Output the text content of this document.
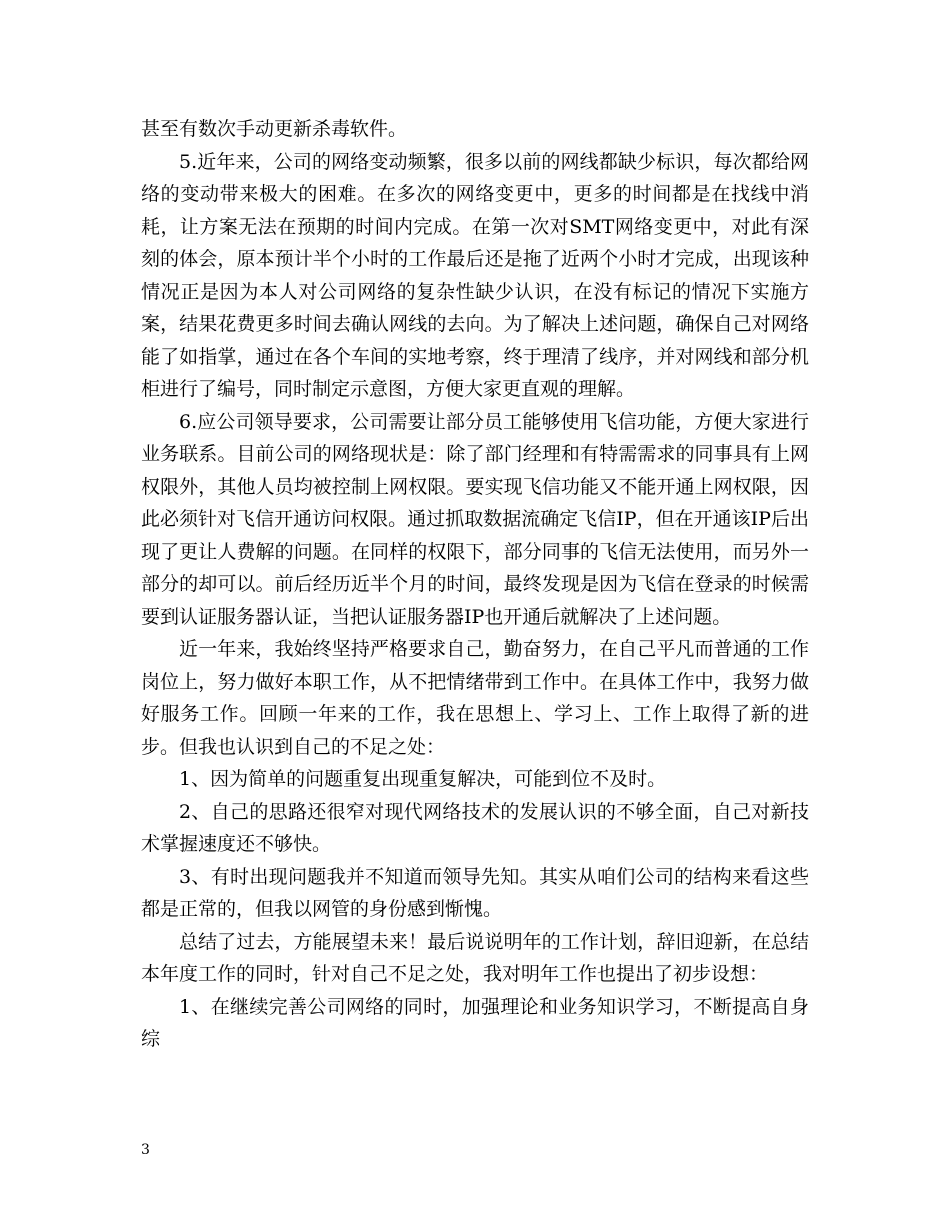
甚至有数次手动更新杀毒软件。

5.近年来，公司的网络变动频繁，很多以前的网线都缺少标识，每次都给网络的变动带来极大的困难。在多次的网络变更中，更多的时间都是在找线中消耗，让方案无法在预期的时间内完成。在第一次对SMT网络变更中，对此有深刻的体会，原本预计半个小时的工作最后还是拖了近两个小时才完成，出现该种情况正是因为本人对公司网络的复杂性缺少认识，在没有标记的情况下实施方案，结果花费更多时间去确认网线的去向。为了解决上述问题，确保自己对网络能了如指掌，通过在各个车间的实地考察，终于理清了线序，并对网线和部分机柜进行了编号，同时制定示意图，方便大家更直观的理解。

6.应公司领导要求，公司需要让部分员工能够使用飞信功能，方便大家进行业务联系。目前公司的网络现状是：除了部门经理和有特需需求的同事具有上网权限外，其他人员均被控制上网权限。要实现飞信功能又不能开通上网权限，因此必须针对飞信开通访问权限。通过抓取数据流确定飞信IP，但在开通该IP后出现了更让人费解的问题。在同样的权限下，部分同事的飞信无法使用，而另外一部分的却可以。前后经历近半个月的时间，最终发现是因为飞信在登录的时候需要到认证服务器认证，当把认证服务器IP也开通后就解决了上述问题。

近一年来，我始终坚持严格要求自己，勤奋努力，在自己平凡而普通的工作岗位上，努力做好本职工作，从不把情绪带到工作中。在具体工作中，我努力做好服务工作。回顾一年来的工作，我在思想上、学习上、工作上取得了新的进步。但我也认识到自己的不足之处：

1、因为简单的问题重复出现重复解决，可能到位不及时。

2、自己的思路还很窄对现代网络技术的发展认识的不够全面，自己对新技术掌握速度还不够快。

3、有时出现问题我并不知道而领导先知。其实从咱们公司的结构来看这些都是正常的，但我以网管的身份感到惭愧。

总结了过去，方能展望未来！最后说说明年的工作计划，辞旧迎新，在总结本年度工作的同时，针对自己不足之处，我对明年工作也提出了初步设想：

1、在继续完善公司网络的同时，加强理论和业务知识学习，不断提高自身综

3
